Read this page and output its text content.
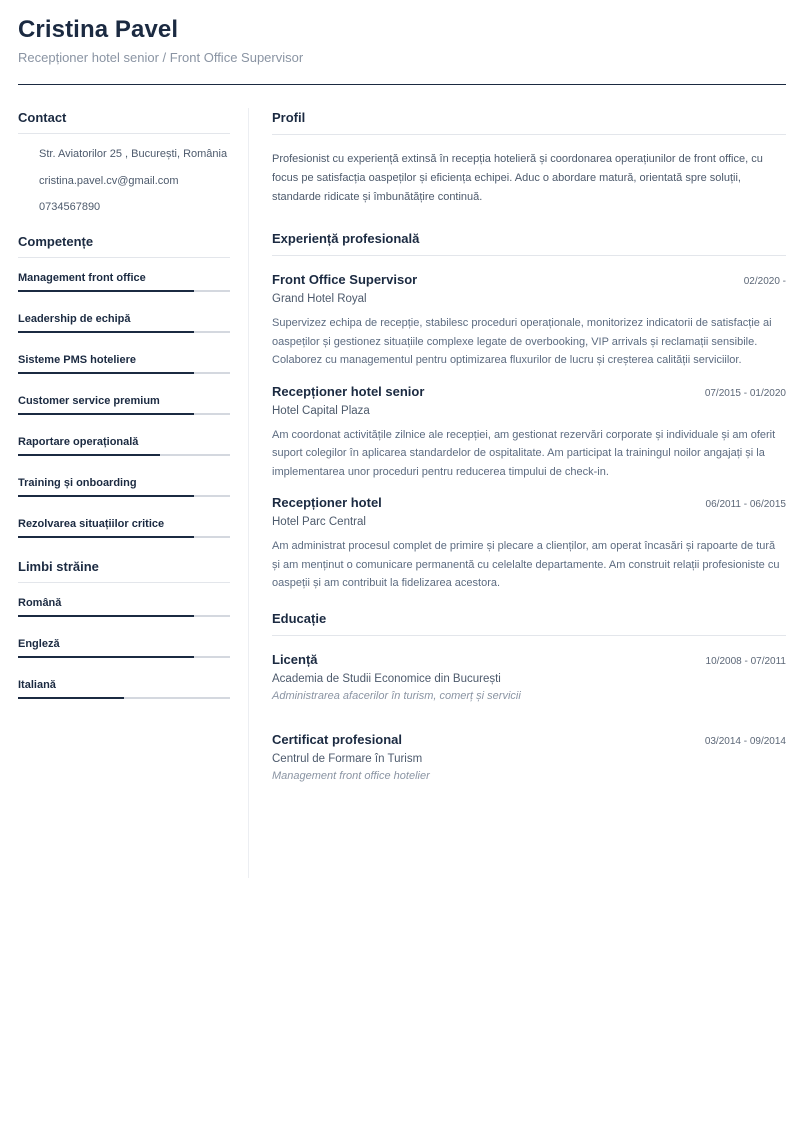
Cristina Pavel
Recepționer hotel senior / Front Office Supervisor
Contact
Str. Aviatorilor 25 , București, România
cristina.pavel.cv@gmail.com
0734567890
Competențe
Management front office
Leadership de echipă
Sisteme PMS hoteliere
Customer service premium
Raportare operațională
Training și onboarding
Rezolvarea situațiilor critice
Limbi străine
Română
Engleză
Italiană
Profil
Profesionist cu experiență extinsă în recepția hotelieră și coordonarea operațiunilor de front office, cu focus pe satisfacția oaspeților și eficiența echipei. Aduc o abordare matură, orientată spre soluții, standarde ridicate și îmbunătățire continuă.
Experiență profesională
Front Office Supervisor	02/2020 -
Grand Hotel Royal
Supervizez echipa de recepție, stabilesc proceduri operaționale, monitorizez indicatorii de satisfacție ai oaspeților și gestionez situațiile complexe legate de overbooking, VIP arrivals și reclamații sensibile. Colaborez cu managementul pentru optimizarea fluxurilor de lucru și creșterea calității serviciilor.
Recepționer hotel senior	07/2015 - 01/2020
Hotel Capital Plaza
Am coordonat activitățile zilnice ale recepției, am gestionat rezervări corporate și individuale și am oferit suport colegilor în aplicarea standardelor de ospitalitate. Am participat la trainingul noilor angajați și la implementarea unor proceduri pentru reducerea timpului de check-in.
Recepționer hotel	06/2011 - 06/2015
Hotel Parc Central
Am administrat procesul complet de primire și plecare a clienților, am operat încasări și rapoarte de tură și am menținut o comunicare permanentă cu celelalte departamente. Am construit relații profesioniste cu oaspeții și am contribuit la fidelizarea acestora.
Educație
Licență	10/2008 - 07/2011
Academia de Studii Economice din București
Administrarea afacerilor în turism, comerț și servicii
Certificat profesional	03/2014 - 09/2014
Centrul de Formare în Turism
Management front office hotelier
